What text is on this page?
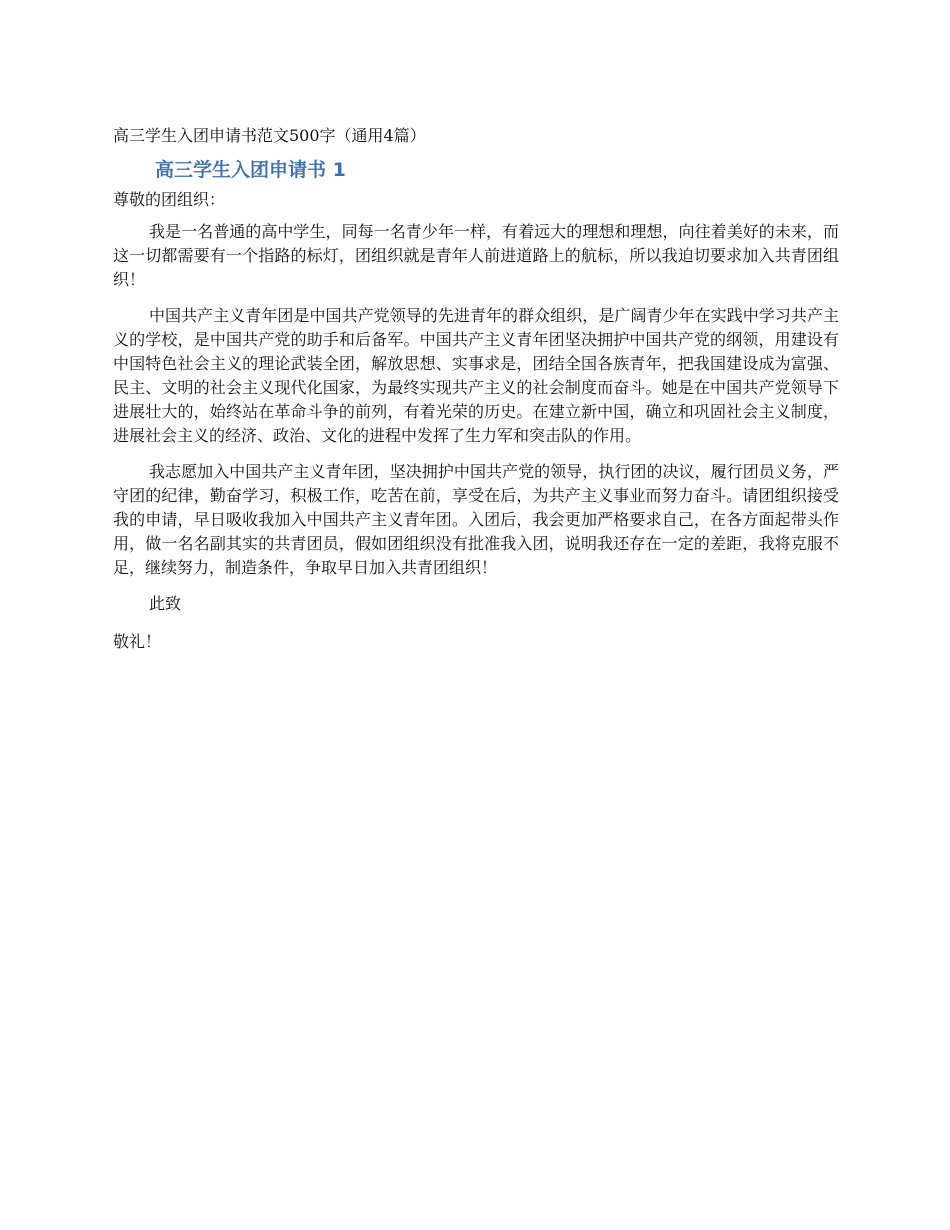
高三学生入团申请书范文500字（通用4篇）
高三学生入团申请书 1
尊敬的团组织：

我是一名普通的高中学生，同每一名青少年一样，有着远大的理想和理想，向往着美好的未来，而这一切都需要有一个指路的标灯，团组织就是青年人前进道路上的航标，所以我迫切要求加入共青团组织！

中国共产主义青年团是中国共产党领导的先进青年的群众组织，是广阔青少年在实践中学习共产主义的学校，是中国共产党的助手和后备军。中国共产主义青年团坚决拥护中国共产党的纲领，用建设有中国特色社会主义的理论武装全团，解放思想、实事求是，团结全国各族青年，把我国建设成为富强、民主、文明的社会主义现代化国家，为最终实现共产主义的社会制度而奋斗。她是在中国共产党领导下进展壮大的，始终站在革命斗争的前列，有着光荣的历史。在建立新中国，确立和巩固社会主义制度，进展社会主义的经济、政治、文化的进程中发挥了生力军和突击队的作用。

我志愿加入中国共产主义青年团，坚决拥护中国共产党的领导，执行团的决议，履行团员义务，严守团的纪律，勤奋学习，积极工作，吃苦在前，享受在后，为共产主义事业而努力奋斗。请团组织接受我的申请，早日吸收我加入中国共产主义青年团。入团后，我会更加严格要求自己，在各方面起带头作用，做一名名副其实的共青团员，假如团组织没有批准我入团，说明我还存在一定的差距，我将克服不足，继续努力，制造条件，争取早日加入共青团组织！

此致
敬礼！
